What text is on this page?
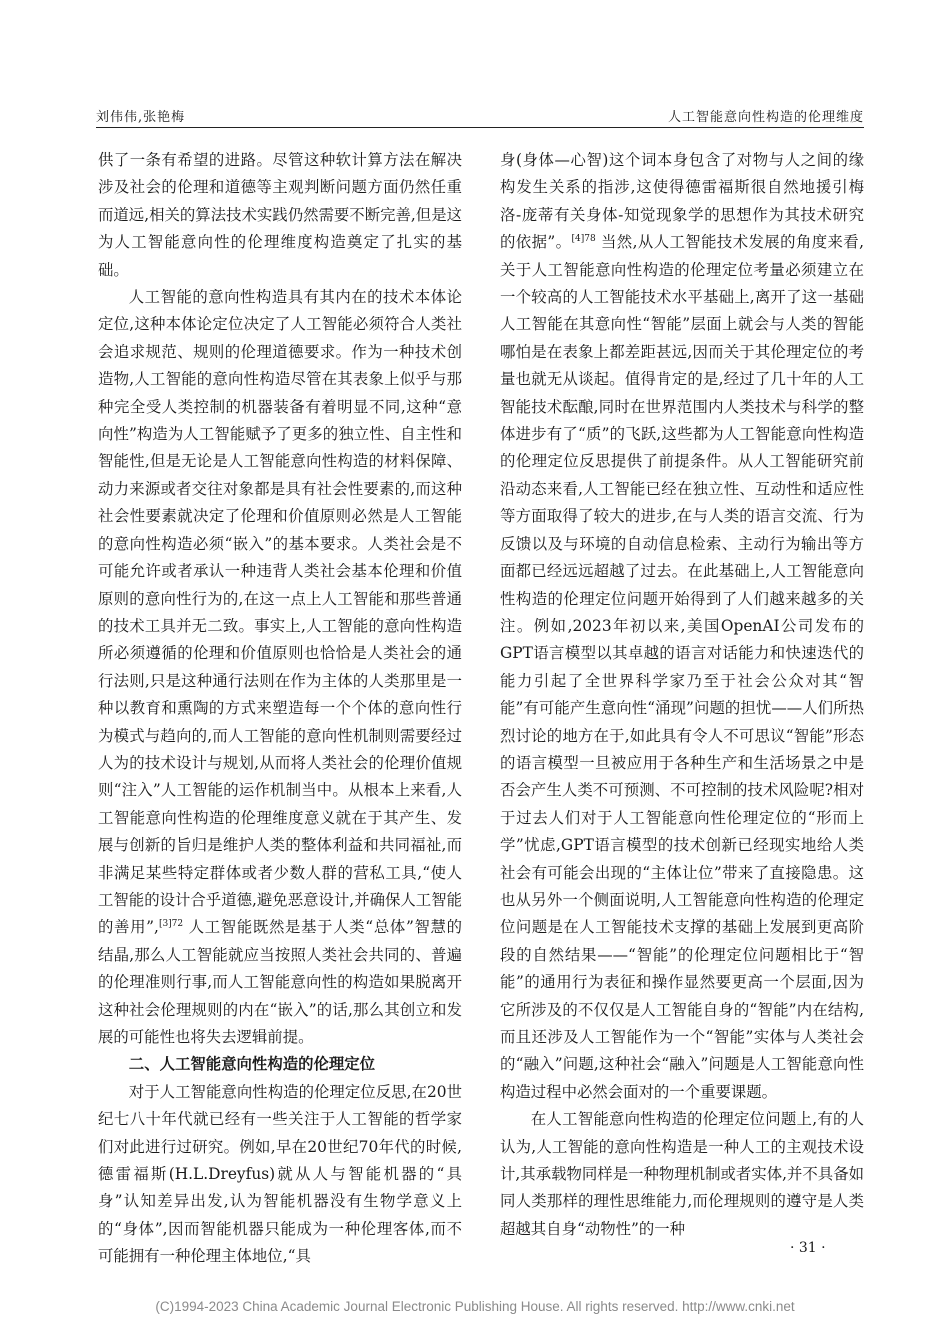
刘伟伟,张艳梅	人工智能意向性构造的伦理维度

供了一条有希望的进路。尽管这种软计算方法在解决涉及社会的伦理和道德等主观判断问题方面仍然任重而道远,相关的算法技术实践仍然需要不断完善,但是这为人工智能意向性的伦理维度构造奠定了扎实的基础。

人工智能的意向性构造具有其内在的技术本体论定位,这种本体论定位决定了人工智能必须符合人类社会追求规范、规则的伦理道德要求。作为一种技术创造物,人工智能的意向性构造尽管在其表象上似乎与那种完全受人类控制的机器装备有着明显不同,这种“意向性”构造为人工智能赋予了更多的独立性、自主性和智能性,但是无论是人工智能意向性构造的材料保障、动力来源或者交往对象都是具有社会性要素的,而这种社会性要素就决定了伦理和价值原则必然是人工智能的意向性构造必须“嵌入”的基本要求。人类社会是不可能允许或者承认一种违背人类社会基本伦理和价值原则的意向性行为的,在这一点上人工智能和那些普通的技术工具并无二致。事实上,人工智能的意向性构造所必须遵循的伦理和价值原则也恰恰是人类社会的通行法则,只是这种通行法则在作为主体的人类那里是一种以教育和熏陶的方式来塑造每一个个体的意向性行为模式与趋向的,而人工智能的意向性机制则需要经过人为的技术设计与规划,从而将人类社会的伦理价值规则“注入”人工智能的运作机制当中。从根本上来看,人工智能意向性构造的伦理维度意义就在于其产生、发展与创新的旨归是维护人类的整体利益和共同福祉,而非满足某些特定群体或者少数人群的营私工具,“使人工智能的设计合乎道德,避免恶意设计,并确保人工智能的善用”,$^{[3]72}$ 人工智能既然是基于人类“总体”智慧的结晶,那么人工智能就应当按照人类社会共同的、普遍的伦理准则行事,而人工智能意向性的构造如果脱离开这种社会伦理规则的内在“嵌入”的话,那么其创立和发展的可能性也将失去逻辑前提。

二、人工智能意向性构造的伦理定位

对于人工智能意向性构造的伦理定位反思,在20世纪七八十年代就已经有一些关注于人工智能的哲学家们对此进行过研究。例如,早在20世纪70年代的时候,德雷福斯(H.L.Dreyfus)就从人与智能机器的“具身”认知差异出发,认为智能机器没有生物学意义上的“身体”,因而智能机器只能成为一种伦理客体,而不可能拥有一种伦理主体地位,“具

身(身体—心智)这个词本身包含了对物与人之间的缘构发生关系的指涉,这使得德雷福斯很自然地援引梅洛-庞蒂有关身体-知觉现象学的思想作为其技术研究的依据”。$^{[4]78}$ 当然,从人工智能技术发展的角度来看,关于人工智能意向性构造的伦理定位考量必须建立在一个较高的人工智能技术水平基础上,离开了这一基础人工智能在其意向性“智能”层面上就会与人类的智能哪怕是在表象上都差距甚远,因而关于其伦理定位的考量也就无从谈起。值得肯定的是,经过了几十年的人工智能技术酝酿,同时在世界范围内人类技术与科学的整体进步有了“质”的飞跃,这些都为人工智能意向性构造的伦理定位反思提供了前提条件。从人工智能研究前沿动态来看,人工智能已经在独立性、互动性和适应性等方面取得了较大的进步,在与人类的语言交流、行为反馈以及与环境的自动信息检索、主动行为输出等方面都已经远远超越了过去。在此基础上,人工智能意向性构造的伦理定位问题开始得到了人们越来越多的关注。例如,2023年初以来,美国OpenAI公司发布的GPT语言模型以其卓越的语言对话能力和快速迭代的能力引起了全世界科学家乃至于社会公众对其“智能”有可能产生意向性“涌现”问题的担忧——人们所热烈讨论的地方在于,如此具有令人不可思议“智能”形态的语言模型一旦被应用于各种生产和生活场景之中是否会产生人类不可预测、不可控制的技术风险呢?相对于过去人们对于人工智能意向性伦理定位的“形而上学”忧虑,GPT语言模型的技术创新已经现实地给人类社会有可能会出现的“主体让位”带来了直接隐患。这也从另外一个侧面说明,人工智能意向性构造的伦理定位问题是在人工智能技术支撑的基础上发展到更高阶段的自然结果——“智能”的伦理定位问题相比于“智能”的通用行为表征和操作显然要更高一个层面,因为它所涉及的不仅仅是人工智能自身的“智能”内在结构,而且还涉及人工智能作为一个“智能”实体与人类社会的“融入”问题,这种社会“融入”问题是人工智能意向性构造过程中必然会面对的一个重要课题。

在人工智能意向性构造的伦理定位问题上,有的人认为,人工智能的意向性构造是一种人工的主观技术设计,其承载物同样是一种物理机制或者实体,并不具备如同人类那样的理性思维能力,而伦理规则的遵守是人类超越其自身“动物性”的一种

· 31 ·
(C)1994-2023 China Academic Journal Electronic Publishing House. All rights reserved. http://www.cnki.net
